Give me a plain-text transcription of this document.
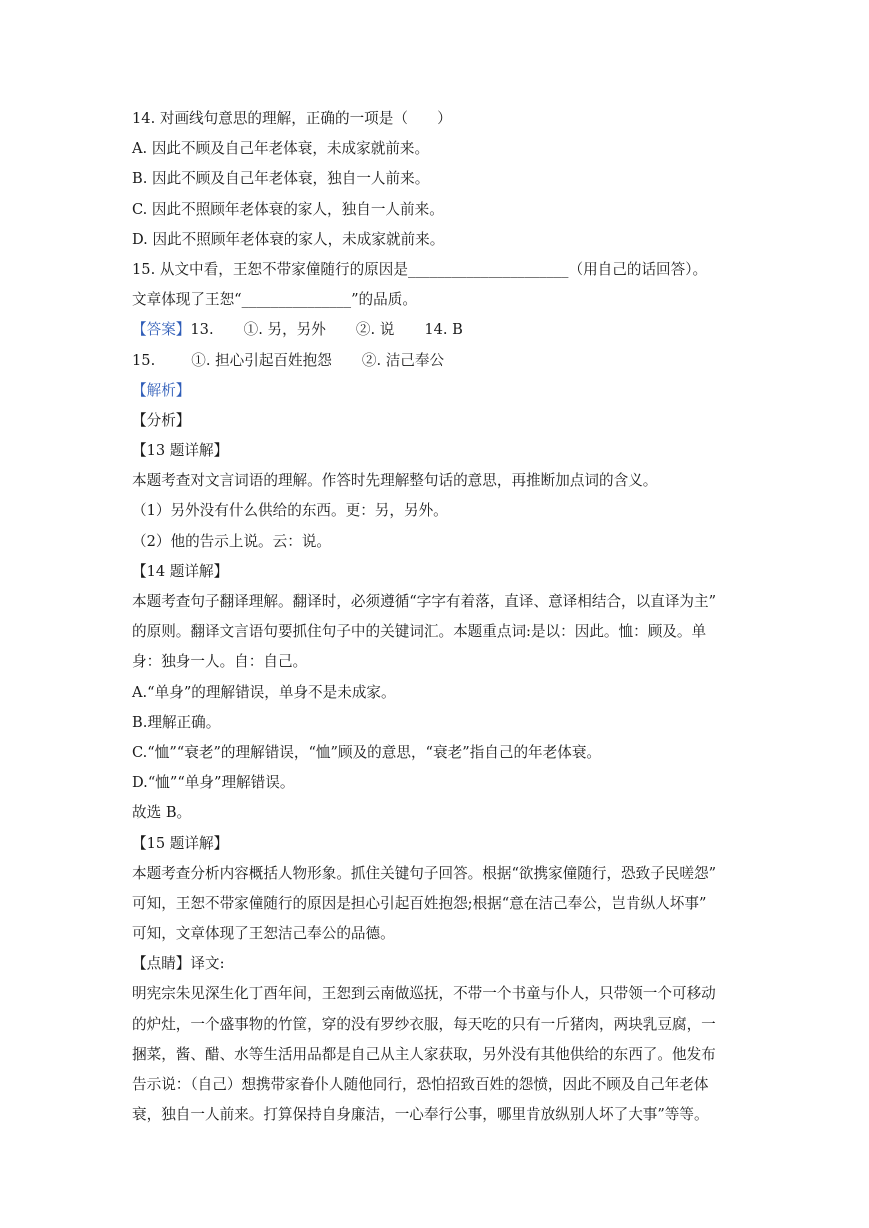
14. 对画线句意思的理解，正确的一项是（　　）
A. 因此不顾及自己年老体衰，未成家就前来。
B. 因此不顾及自己年老体衰，独自一人前来。
C. 因此不照顾年老体衰的家人，独自一人前来。
D. 因此不照顾年老体衰的家人，未成家就前来。
15. 从文中看，王恕不带家僮随行的原因是______________________（用自己的话回答）。
文章体现了王恕“_______________”的品质。
【答案】13. ①. 另，另外 ②. 说 14. B
15. ①. 担心引起百姓抱怨 ②. 洁己奉公
【解析】
【分析】
【13 题详解】
本题考查对文言词语的理解。作答时先理解整句话的意思，再推断加点词的含义。
（1）另外没有什么供给的东西。更：另，另外。
（2）他的告示上说。云：说。
【14 题详解】
本题考查句子翻译理解。翻译时，必须遵循“字字有着落，直译、意译相结合，以直译为主”
的原则。翻译文言语句要抓住句子中的关键词汇。本题重点词:是以：因此。恤：顾及。单
身：独身一人。自：自己。
A.“单身”的理解错误，单身不是未成家。
B.理解正确。
C.“恤”“衰老”的理解错误，“恤”顾及的意思，“衰老”指自己的年老体衰。
D.“恤”“单身”理解错误。
故选 B。
【15 题详解】
本题考查分析内容概括人物形象。抓住关键句子回答。根据“欲携家僮随行，恐致子民嗟怨”
可知，王恕不带家僮随行的原因是担心引起百姓抱怨;根据“意在洁己奉公，岂肯纵人坏事”
可知，文章体现了王恕洁己奉公的品德。
【点睛】译文:
明宪宗朱见深生化丁酉年间，王恕到云南做巡抚，不带一个书童与仆人，只带领一个可移动
的炉灶，一个盛事物的竹筐，穿的没有罗纱衣服，每天吃的只有一斤猪肉，两块乳豆腐，一
捆菜，酱、醋、水等生活用品都是自己从主人家获取，另外没有其他供给的东西了。他发布
告示说：（自己）想携带家眷仆人随他同行，恐怕招致百姓的怨愤，因此不顾及自己年老体
衰，独自一人前来。打算保持自身廉洁，一心奉行公事，哪里肯放纵别人坏了大事”等等。
